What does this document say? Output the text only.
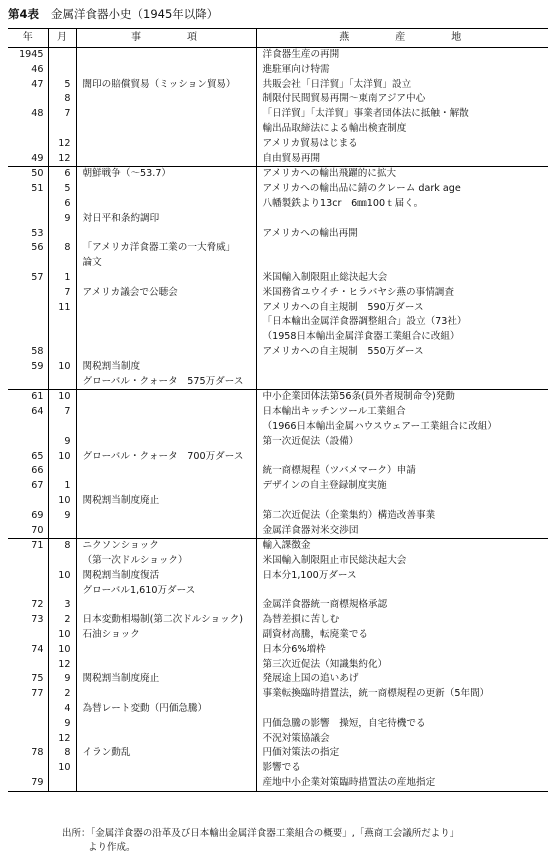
第4表 金属洋食器小史（1945年以降）
年	月	事　　　項	燕　　　産　　　地
1945			洋食器生産の再開
46			進駐軍向け特需
47	5	闇印の賠償貿易（ミッション貿易）	共販会社「日洋貿」「太洋貿」設立
	8		制限付民間貿易再開〜東南アジア中心
48	7		「日洋貿」「太洋貿」事業者団体法に抵触・解散
			輸出品取締法による輸出検査制度
	12		アメリカ貿易はじまる
49	12		自由貿易再開
50	6	朝鮮戦争（〜53.7）	アメリカへの輸出飛躍的に拡大
51	5		アメリカへの輸出品に錆のクレーム dark age
	6		八幡製鉄より13cr　6㎜100ｔ届く。
	9	対日平和条約調印	
53			アメリカへの輸出再開
56	8	「アメリカ洋食器工業の一大脅威」	
		論文	
57	1		米国輸入制限阻止総決起大会
	7	アメリカ議会で公聴会	米国務省ユウイチ・ヒラバヤシ燕の事情調査
	11		アメリカへの自主規制　590万ダース
			「日本輸出金属洋食器調整組合」設立（73社）
			（1958日本輸出金属洋食器工業組合に改組）
58			アメリカへの自主規制　550万ダース
59	10	関税割当制度	
		グローバル・クォータ　575万ダース	
61	10		中小企業団体法第56条(員外者規制命令)発動
64	7		日本輸出キッチンツール工業組合
			（1966日本輸出金属ハウスウェアー工業組合に改組）
	9		第一次近促法（設備）
65	10	グローバル・クォータ　700万ダース	
66			統一商標規程（ツバメマーク）申請
67	1		デザインの自主登録制度実施
	10	関税割当制度廃止	
69	9		第二次近促法（企業集約）構造改善事業
70			金属洋食器対米交渉団
71	8	ニクソンショック	輸入課徴金
		（第一次ドルショック）	米国輸入制限阻止市民総決起大会
	10	関税割当制度復活	日本分1,100万ダース
		グローバル1,610万ダース	
72	3		金属洋食器統一商標規格承認
73	2	日本変動相場制(第二次ドルショック)	為替差損に苦しむ
	10	石油ショック	副資材高騰，転廃業でる
74	10		日本分6%増枠
	12		第三次近促法（知識集約化）
75	9	関税割当制度廃止	発展途上国の追いあげ
77	2		事業転換臨時措置法，統一商標規程の更新（5年間）
	4	為替レート変動（円価急騰）	
	9		円価急騰の影響　操短，自宅待機でる
	12		不況対策協議会
78	8	イラン動乱	円価対策法の指定
	10		影響でる
79			産地中小企業対策臨時措置法の産地指定
出所：「金属洋食器の沿革及び日本輸出金属洋食器工業組合の概要」,「燕商工会議所だより」
より作成。
